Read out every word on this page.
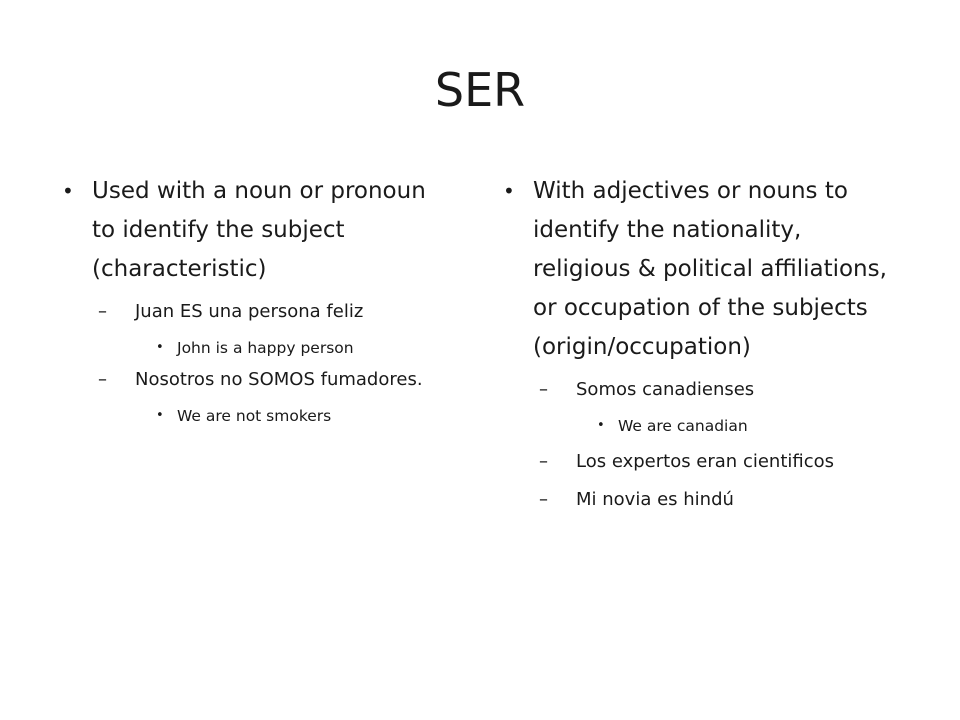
SER
• Used with a noun or pronoun to identify the subject (characteristic)
– Juan ES una persona feliz
• John is a happy person
– Nosotros no SOMOS fumadores.
• We are not smokers
• With adjectives or nouns to identify the nationality, religious & political affiliations, or occupation of the subjects (origin/occupation)
– Somos canadienses
• We are canadian
– Los expertos eran cientificos
– Mi novia es hindú
